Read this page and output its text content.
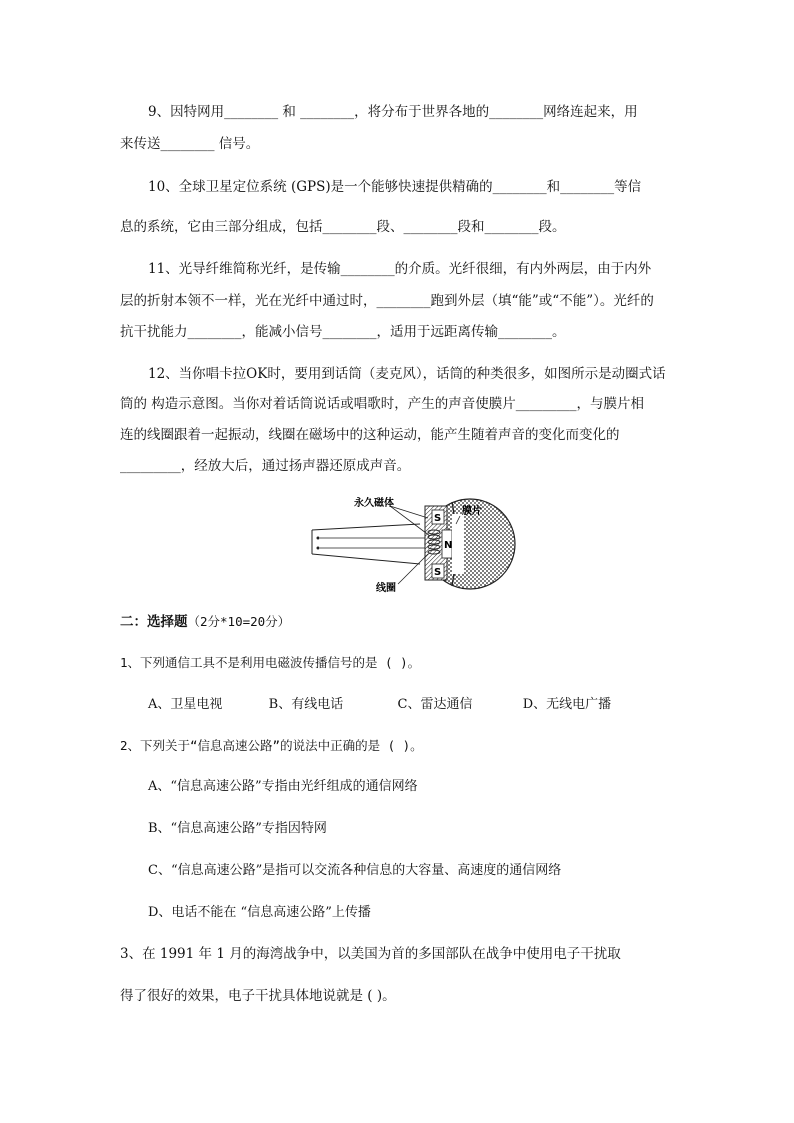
9、因特网用________ 和 ________，将分布于世界各地的________网络连起来，用
来传送________ 信号。
10、全球卫星定位系统 (GPS)是一个能够快速提供精确的________和________等信
息的系统，它由三部分组成，包括________段、________段和________段。
11、光导纤维简称光纤，是传输________的介质。光纤很细，有内外两层，由于内外
层的折射本领不一样，光在光纤中通过时，________跑到外层（填“能”或“不能”）。光纤的
抗干扰能力________，能减小信号________，适用于远距离传输________。
12、当你唱卡拉OK时，要用到话筒（麦克风），话筒的种类很多，如图所示是动圈式话
筒的 构造示意图。当你对着话筒说话或唱歌时，产生的声音使膜片_________，与膜片相
连的线圈跟着一起振动，线圈在磁场中的这种运动，能产生随着声音的变化而变化的
_________，经放大后，通过扬声器还原成声音。
永久磁体
膜片
线圈
S
N
S
二：选择题（2分*10=20分）
1、下列通信工具不是利用电磁波传播信号的是 ( )。
A、卫星电视	B、有线电话	C、雷达通信	D、无线电广播
2、下列关于“信息高速公路”的说法中正确的是 ( )。
A、“信息高速公路”专指由光纤组成的通信网络
B、“信息高速公路”专指因特网
C、“信息高速公路”是指可以交流各种信息的大容量、高速度的通信网络
D、电话不能在 “信息高速公路”上传播
3、在 1991 年 1 月的海湾战争中，以美国为首的多国部队在战争中使用电子干扰取
得了很好的效果，电子干扰具体地说就是 ( )。
